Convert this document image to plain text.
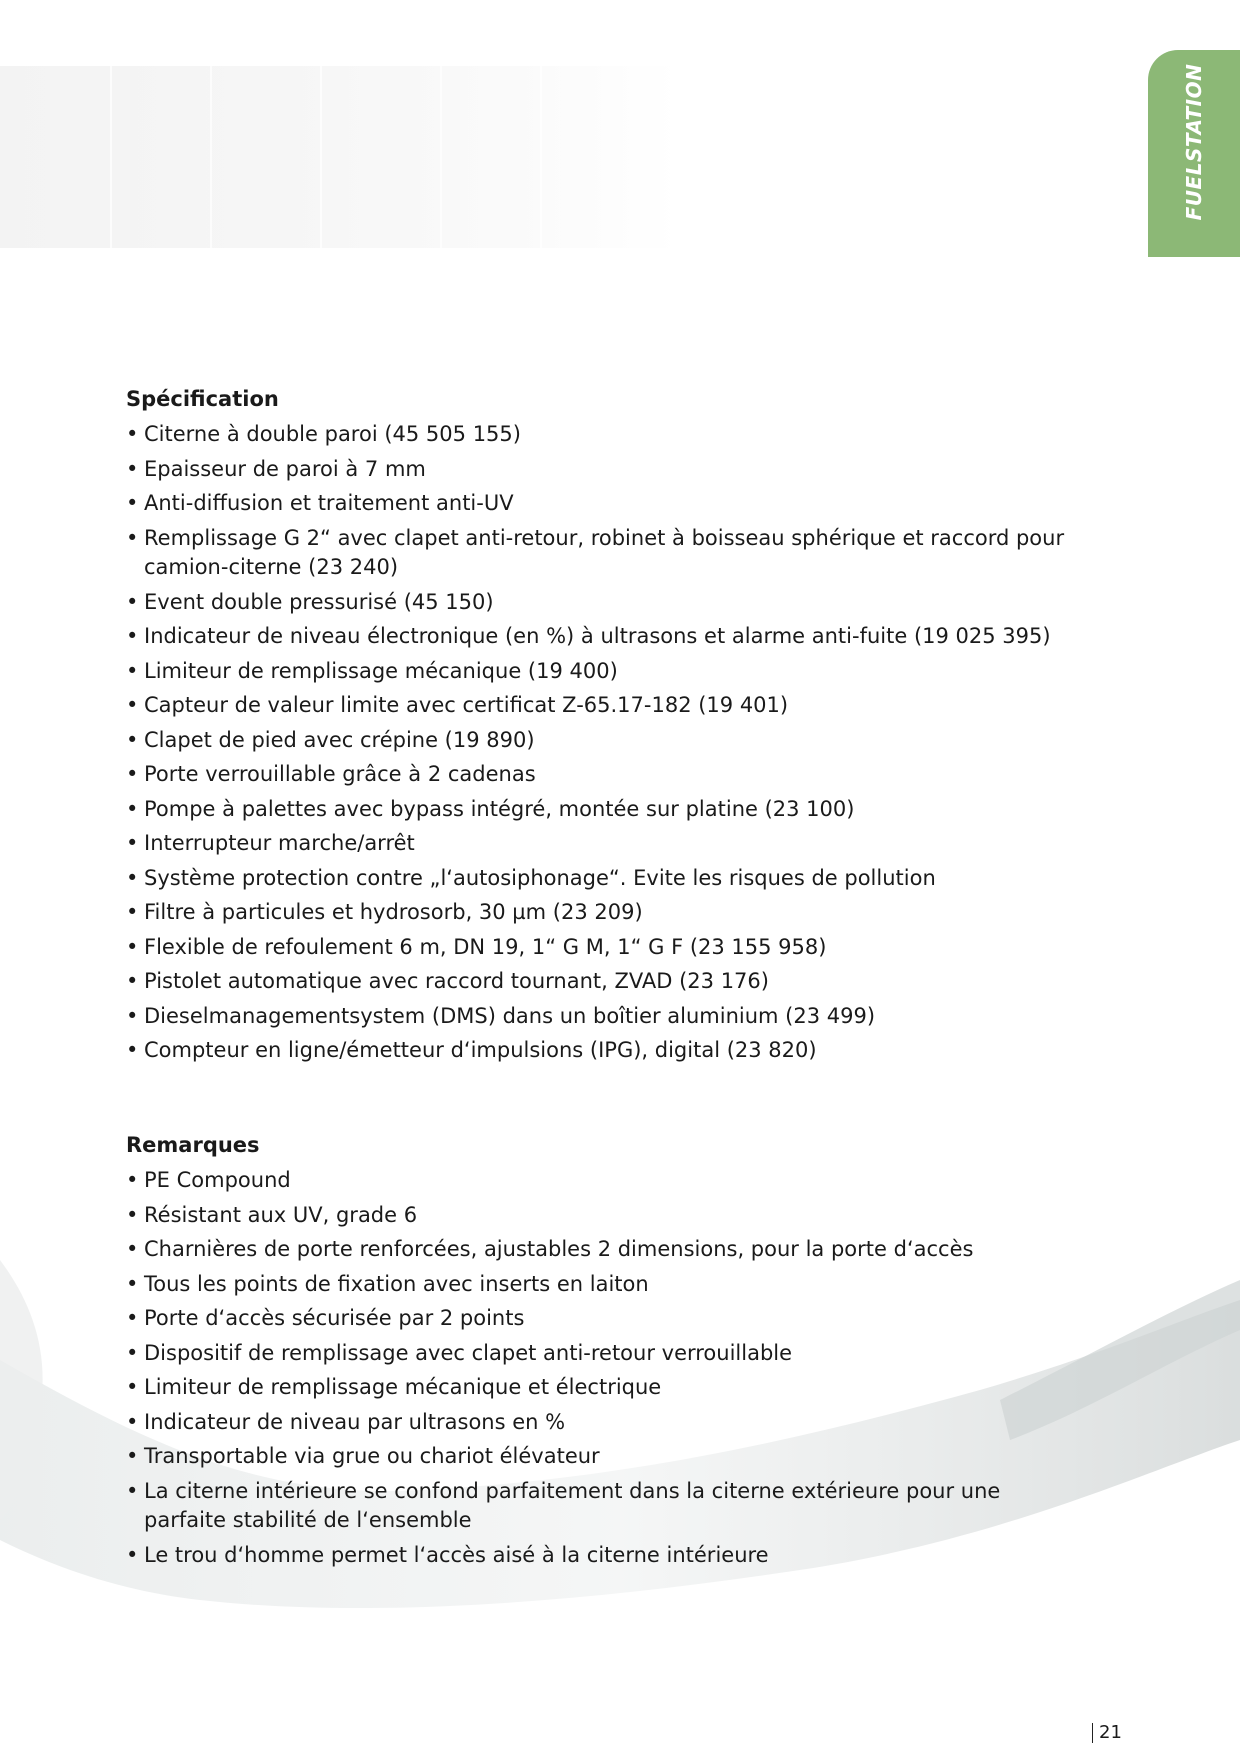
FUELSTATION
Spécification
• Citerne à double paroi (45 505 155)
• Epaisseur de paroi à 7 mm
• Anti-diffusion et traitement anti-UV
• Remplissage G 2“ avec clapet anti-retour, robinet à boisseau sphérique et raccord pour camion-citerne (23 240)
• Event double pressurisé (45 150)
• Indicateur de niveau électronique (en %) à ultrasons et alarme anti-fuite (19 025 395)
• Limiteur de remplissage mécanique (19 400)
• Capteur de valeur limite avec certificat Z-65.17-182 (19 401)
• Clapet de pied avec crépine (19 890)
• Porte verrouillable grâce à 2 cadenas
• Pompe à palettes avec bypass intégré, montée sur platine (23 100)
• Interrupteur marche/arrêt
• Système protection contre „l‘autosiphonage“. Evite les risques de pollution
• Filtre à particules et hydrosorb, 30 µm (23 209)
• Flexible de refoulement 6 m, DN 19, 1“ G M, 1“ G F (23 155 958)
• Pistolet automatique avec raccord tournant, ZVAD (23 176)
• Dieselmanagementsystem (DMS) dans un boîtier aluminium (23 499)
• Compteur en ligne/émetteur d‘impulsions (IPG), digital (23 820)
Remarques
• PE Compound
• Résistant aux UV, grade 6
• Charnières de porte renforcées, ajustables 2 dimensions, pour la porte d‘accès
• Tous les points de fixation avec inserts en laiton
• Porte d‘accès sécurisée par 2 points
• Dispositif de remplissage avec clapet anti-retour verrouillable
• Limiteur de remplissage mécanique et électrique
• Indicateur de niveau par ultrasons en %
• Transportable via grue ou chariot élévateur
• La citerne intérieure se confond parfaitement dans la citerne extérieure pour une parfaite stabilité de l‘ensemble
• Le trou d‘homme permet l‘accès aisé à la citerne intérieure
21
